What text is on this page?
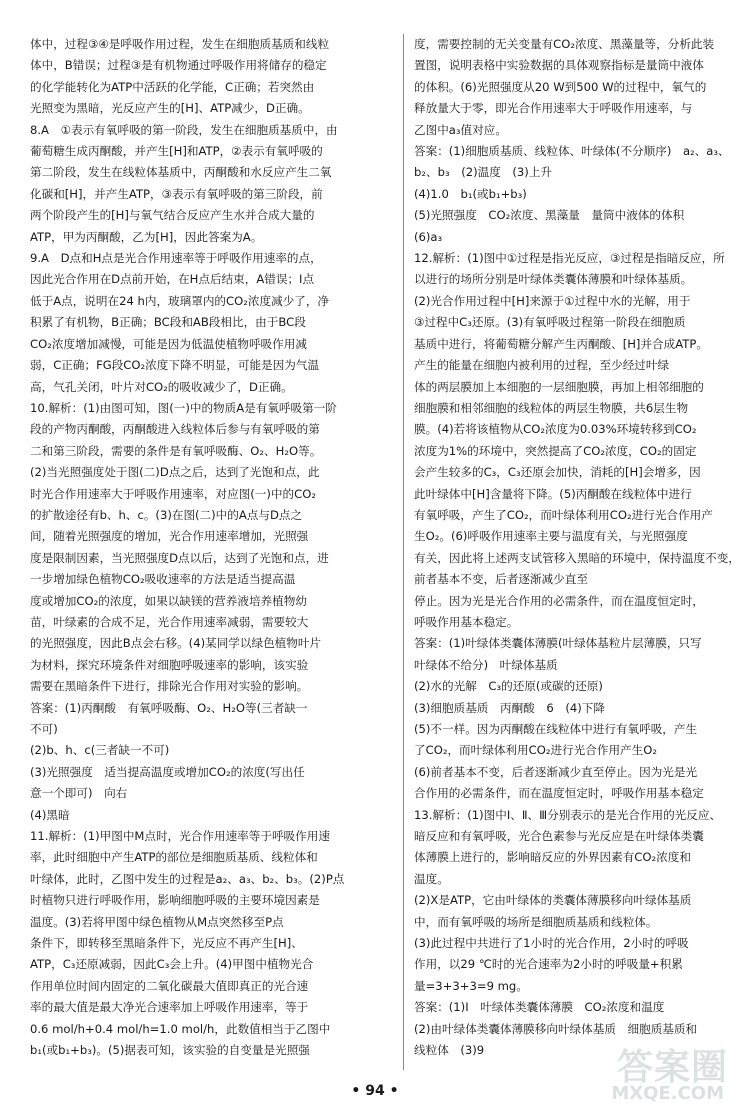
体中，过程③④是呼吸作用过程，发生在细胞质基质和线粒

体中，B错误；过程③是有机物通过呼吸作用将储存的稳定

的化学能转化为ATP中活跃的化学能，C正确；若突然由

光照变为黑暗，光反应产生的[H]、ATP减少，D正确。

8.A　①表示有氧呼吸的第一阶段，发生在细胞质基质中，由

葡萄糖生成丙酮酸，并产生[H]和ATP，②表示有氧呼吸的

第二阶段，发生在线粒体基质中，丙酮酸和水反应产生二氧

化碳和[H]，并产生ATP，③表示有氧呼吸的第三阶段，前

两个阶段产生的[H]与氧气结合反应产生水并合成大量的

ATP，甲为丙酮酸，乙为[H]，因此答案为A。

9.A　D点和H点是光合作用速率等于呼吸作用速率的点，

因此光合作用在D点前开始，在H点后结束，A错误；I点

低于A点，说明在24 h内，玻璃罩内的CO₂浓度减少了，净

积累了有机物，B正确；BC段和AB段相比，由于BC段

CO₂浓度增加减慢，可能是因为低温使植物呼吸作用减

弱，C正确；FG段CO₂浓度下降不明显，可能是因为气温

高，气孔关闭，叶片对CO₂的吸收减少了，D正确。

10.解析：(1)由图可知，图(一)中的物质A是有氧呼吸第一阶

段的产物丙酮酸，丙酮酸进入线粒体后参与有氧呼吸的第

二和第三阶段，需要的条件是有氧呼吸酶、O₂、H₂O等。

(2)当光照强度处于图(二)D点之后，达到了光饱和点，此

时光合作用速率大于呼吸作用速率，对应图(一)中的CO₂

的扩散途径有b、h、c。(3)在图(二)中的A点与D点之

间，随着光照强度的增加，光合作用速率增加，光照强

度是限制因素，当光照强度D点以后，达到了光饱和点，进

一步增加绿色植物CO₂吸收速率的方法是适当提高温

度或增加CO₂的浓度，如果以缺镁的营养液培养植物幼

苗，叶绿素的合成不足，光合作用速率减弱，需要较大

的光照强度，因此B点会右移。(4)某同学以绿色植物叶片

为材料，探究环境条件对细胞呼吸速率的影响，该实验

需要在黑暗条件下进行，排除光合作用对实验的影响。

答案：(1)丙酮酸　有氧呼吸酶、O₂、H₂O等(三者缺一

不可)

(2)b、h、c(三者缺一不可)

(3)光照强度　适当提高温度或增加CO₂的浓度(写出任

意一个即可)　向右

(4)黑暗

11.解析：(1)甲图中M点时，光合作用速率等于呼吸作用速

率，此时细胞中产生ATP的部位是细胞质基质、线粒体和

叶绿体，此时，乙图中发生的过程是a₂、a₃、b₂、b₃。(2)P点

时植物只进行呼吸作用，影响细胞呼吸的主要环境因素是

温度。(3)若将甲图中绿色植物从M点突然移至P点

条件下，即转移至黑暗条件下，光反应不再产生[H]、

ATP，C₃还原减弱，因此C₃会上升。(4)甲图中植物光合

作用单位时间内固定的二氧化碳最大值即真正的光合速

率的最大值是最大净光合速率加上呼吸作用速率，等于

0.6 mol/h+0.4 mol/h=1.0 mol/h，此数值相当于乙图中

b₁(或b₁+b₃)。(5)据表可知，该实验的自变量是光照强

度，需要控制的无关变量有CO₂浓度、黑藻量等，分析此装

置图，说明表格中实验数据的具体观察指标是量筒中液体

的体积。(6)光照强度从20 W到500 W的过程中，氧气的

释放量大于零，即光合作用速率大于呼吸作用速率，与

乙图中a₃值对应。

答案：(1)细胞质基质、线粒体、叶绿体(不分顺序)　a₂、a₃、

b₂、b₃　(2)温度　(3)上升

(4)1.0　b₁(或b₁+b₃)

(5)光照强度　CO₂浓度、黑藻量　量筒中液体的体积

(6)a₃

12.解析：(1)图中①过程是指光反应，③过程是指暗反应，所

以进行的场所分别是叶绿体类囊体薄膜和叶绿体基质。

(2)光合作用过程中[H]来源于①过程中水的光解，用于

③过程中C₃还原。(3)有氧呼吸过程第一阶段在细胞质

基质中进行，将葡萄糖分解产生丙酮酸、[H]并合成ATP。

产生的能量在细胞内被利用的过程，至少经过叶绿

体的两层膜加上本细胞的一层细胞膜，再加上相邻细胞的

细胞膜和相邻细胞的线粒体的两层生物膜，共6层生物

膜。(4)若将该植物从CO₂浓度为0.03%环境转移到CO₂

浓度为1%的环境中，突然提高了CO₂浓度，CO₂的固定

会产生较多的C₃，C₃还原会加快，消耗的[H]会增多，因

此叶绿体中[H]含量将下降。(5)丙酮酸在线粒体中进行

有氧呼吸，产生了CO₂，而叶绿体利用CO₂进行光合作用产

生O₂。(6)呼吸作用速率主要与温度有关，与光照强度

有关，因此将上述两支试管移入黑暗的环境中，保持温度不变，前者基本不变，后者逐渐减少直至

停止。因为光是光合作用的必需条件，而在温度恒定时，

呼吸作用基本稳定。

答案：(1)叶绿体类囊体薄膜(叶绿体基粒片层薄膜，只写

叶绿体不给分)　叶绿体基质

(2)水的光解　C₃的还原(或碳的还原)

(3)细胞质基质　丙酮酸　6　(4)下降

(5)不一样。因为丙酮酸在线粒体中进行有氧呼吸，产生

了CO₂，而叶绿体利用CO₂进行光合作用产生O₂

(6)前者基本不变，后者逐渐减少直至停止。因为光是光

合作用的必需条件，而在温度恒定时，呼吸作用基本稳定

13.解析：(1)图中Ⅰ、Ⅱ、Ⅲ分别表示的是光合作用的光反应、

暗反应和有氧呼吸，光合色素参与光反应是在叶绿体类囊

体薄膜上进行的，影响暗反应的外界因素有CO₂浓度和

温度。

(2)X是ATP，它由叶绿体的类囊体薄膜移向叶绿体基质

中，而有氧呼吸的场所是细胞质基质和线粒体。

(3)此过程中共进行了1小时的光合作用，2小时的呼吸

作用，以29 ℃时的光合速率为2小时的呼吸量+积累

量=3+3+3=9 mg。

答案：(1)Ⅰ　叶绿体类囊体薄膜　CO₂浓度和温度

(2)由叶绿体类囊体薄膜移向叶绿体基质　细胞质基质和

线粒体　(3)9

• 94 •
答案圈
MXQE.COM
